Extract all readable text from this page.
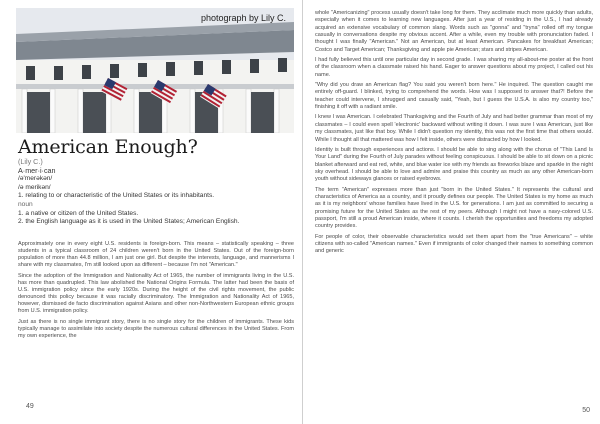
photograph by Lily C.
American Enough?
(Lily C.)
A·mer·i·can
/ə'merəkən/
/ə merikən/
1. relating to or characteristic of the United States or its inhabitants.
noun
1. a native or citizen of the United States.
2. the English language as it is used in the United States; American English.

Approximately one in every eight U.S. residents is foreign-born. This means – statistically speaking – three students in a typical classroom of 24 children weren't born in the United States. Out of the foreign-born population of more than 44.8 million, I am just one girl. But despite the interests, language, and mannerisms I share with my classmates, I'm still looked upon as different – because I'm not "American."

Since the adoption of the Immigration and Nationality Act of 1965, the number of immigrants living in the U.S. has more than quadrupled. This law abolished the National Origins Formula. The latter had been the basis of U.S. immigration policy since the early 1920s. During the height of the civil rights movement, the public denounced this policy because it was racially discriminatory. The Immigration and Nationality Act of 1965, however, dismissed de facto discrimination against Asians and other non-Northwestern European ethnic groups from U.S. immigration policy.

Just as there is no single immigrant story, there is no single story for the children of immigrants. These kids typically manage to assimilate into society despite the numerous cultural differences in the United States. From my own experience, the

49

whole "Americanizing" process usually doesn't take long for them. They acclimate much more quickly than adults, especially when it comes to learning new languages. After just a year of residing in the U.S., I had already acquired an extensive vocabulary of common slang. Words such as "gonna" and "tryna" rolled off my tongue casually in conversations despite my obvious accent. After a while, even my trouble with pronunciation faded. I thought I was finally "American." Not an American, but at least American. Pancakes for breakfast American; Costco and Target American; Thanksgiving and apple pie American; stars and stripes American.

I had fully believed this until one particular day in second grade. I was sharing my all-about-me poster at the front of the classroom when a classmate raised his hand. Eager to answer questions about my project, I called out his name.

"Why did you draw an American flag? You said you weren't born here." He inquired. The question caught me entirely off-guard. I blinked, trying to comprehend the words. How was I supposed to answer that?! Before the teacher could intervene, I shrugged and casually said, "Yeah, but I guess the U.S.A. is also my country too," finishing it off with a radiant smile.

I knew I was American. I celebrated Thanksgiving and the Fourth of July and had better grammar than most of my classmates – I could even spell 'electronic' backward without writing it down. I was sure I was American, just like my classmates, just like that boy. While I didn't question my identity, this was not the first time that others would. While I thought all that mattered was how I felt inside, others were distracted by how I looked.

Identity is built through experiences and actions. I should be able to sing along with the chorus of "This Land Is Your Land" during the Fourth of July parades without feeling conspicuous. I should be able to sit down on a picnic blanket afterward and eat red, white, and blue water ice with my friends as fireworks blaze and sparkle in the night sky overhead. I should be able to love and admire and praise this country as much as any other American-born youth without sideways glances or raised eyebrows.

The term "American" expresses more than just "born in the United States." It represents the cultural and characteristics of America as a country, and it proudly defines our people. The United States is my home as much as it is my neighbors' whose families have lived in the U.S. for generations. I am just as committed to securing a promising future for the United States as the rest of my peers. Although I might not have a navy-colored U.S. passport, I'm still a proud American inside, where it counts. I cherish the opportunities and freedoms my adopted country provides.

For people of color, their observable characteristics would set them apart from the "true Americans" – white citizens with so-called "American names." Even if immigrants of color changed their names to something common and generic

50
